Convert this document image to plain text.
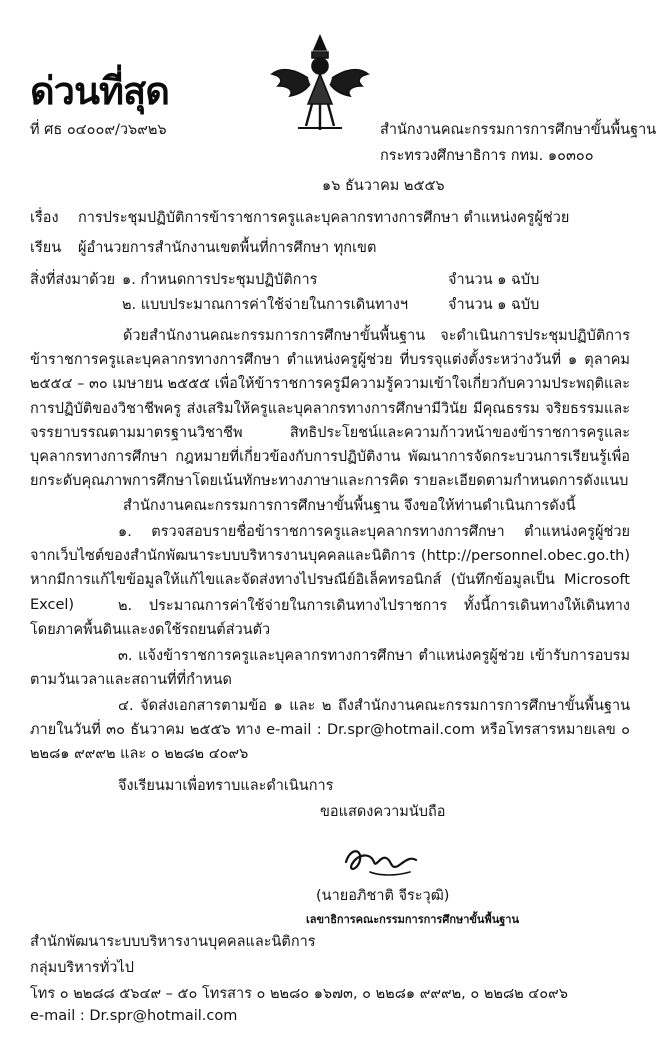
ด่วนที่สุด
ที่ ศธ ๐๔๐๐๙/ว๖๙๒๖	สำนักงานคณะกรรมการการศึกษาขั้นพื้นฐาน
กระทรวงศึกษาธิการ กทม. ๑๐๓๐๐
๑๖ ธันวาคม ๒๕๕๖
เรื่อง การประชุมปฏิบัติการข้าราชการครูและบุคลากรทางการศึกษา ตำแหน่งครูผู้ช่วย
เรียน ผู้อำนวยการสำนักงานเขตพื้นที่การศึกษา ทุกเขต
สิ่งที่ส่งมาด้วย ๑. กำหนดการประชุมปฏิบัติการ	จำนวน ๑ ฉบับ
๒. แบบประมาณการค่าใช้จ่ายในการเดินทางฯ	จำนวน ๑ ฉบับ
ด้วยสำนักงานคณะกรรมการการศึกษาขั้นพื้นฐาน จะดำเนินการประชุมปฏิบัติการข้าราชการครูและบุคลากรทางการศึกษา ตำแหน่งครูผู้ช่วย ที่บรรจุแต่งตั้งระหว่างวันที่ ๑ ตุลาคม ๒๕๕๔ – ๓๐ เมษายน ๒๕๕๕ เพื่อให้ข้าราชการครูมีความรู้ความเข้าใจเกี่ยวกับความประพฤติและการปฏิบัติของวิชาชีพครู ส่งเสริมให้ครูและบุคลากรทางการศึกษามีวินัย มีคุณธรรม จริยธรรมและจรรยาบรรณตามมาตรฐานวิชาชีพ สิทธิประโยชน์และความก้าวหน้าของข้าราชการครูและบุคลากรทางการศึกษา กฎหมายที่เกี่ยวข้องกับการปฏิบัติงาน พัฒนาการจัดกระบวนการเรียนรู้เพื่อยกระดับคุณภาพการศึกษาโดยเน้นทักษะทางภาษาและการคิด รายละเอียดตามกำหนดการดังแนบ
สำนักงานคณะกรรมการการศึกษาขั้นพื้นฐาน จึงขอให้ท่านดำเนินการดังนี้
๑. ตรวจสอบรายชื่อข้าราชการครูและบุคลากรทางการศึกษา ตำแหน่งครูผู้ช่วย จากเว็บไซต์ของสำนักพัฒนาระบบบริหารงานบุคคลและนิติการ (http://personnel.obec.go.th) หากมีการแก้ไขข้อมูลให้แก้ไขและจัดส่งทางไปรษณีย์อิเล็คทรอนิกส์ (บันทึกข้อมูลเป็น Microsoft Excel)	๒. ประมาณการค่าใช้จ่ายในการเดินทางไปราชการ ทั้งนี้การเดินทางให้เดินทางโดยภาคพื้นดินและงดใช้รถยนต์ส่วนตัว
๓. แจ้งข้าราชการครูและบุคลากรทางการศึกษา ตำแหน่งครูผู้ช่วย เข้ารับการอบรมตามวันเวลาและสถานที่ที่กำหนด
๔. จัดส่งเอกสารตามข้อ ๑ และ ๒ ถึงสำนักงานคณะกรรมการการศึกษาขั้นพื้นฐาน ภายในวันที่ ๓๐ ธันวาคม ๒๕๕๖ ทาง e-mail : Dr.spr@hotmail.com หรือโทรสารหมายเลข ๐ ๒๒๘๑ ๙๙๙๒ และ ๐ ๒๒๘๒ ๔๐๙๖
จึงเรียนมาเพื่อทราบและดำเนินการ
ขอแสดงความนับถือ
(นายอภิชาติ จีระวุฒิ)
เลขาธิการคณะกรรมการการศึกษาขั้นพื้นฐาน
สำนักพัฒนาระบบบริหารงานบุคคลและนิติการ
กลุ่มบริหารทั่วไป
โทร ๐ ๒๒๘๘ ๕๖๔๙ – ๕๐ โทรสาร ๐ ๒๒๘๐ ๑๖๗๓, ๐ ๒๒๘๑ ๙๙๙๒, ๐ ๒๒๘๒ ๔๐๙๖
e-mail : Dr.spr@hotmail.com
